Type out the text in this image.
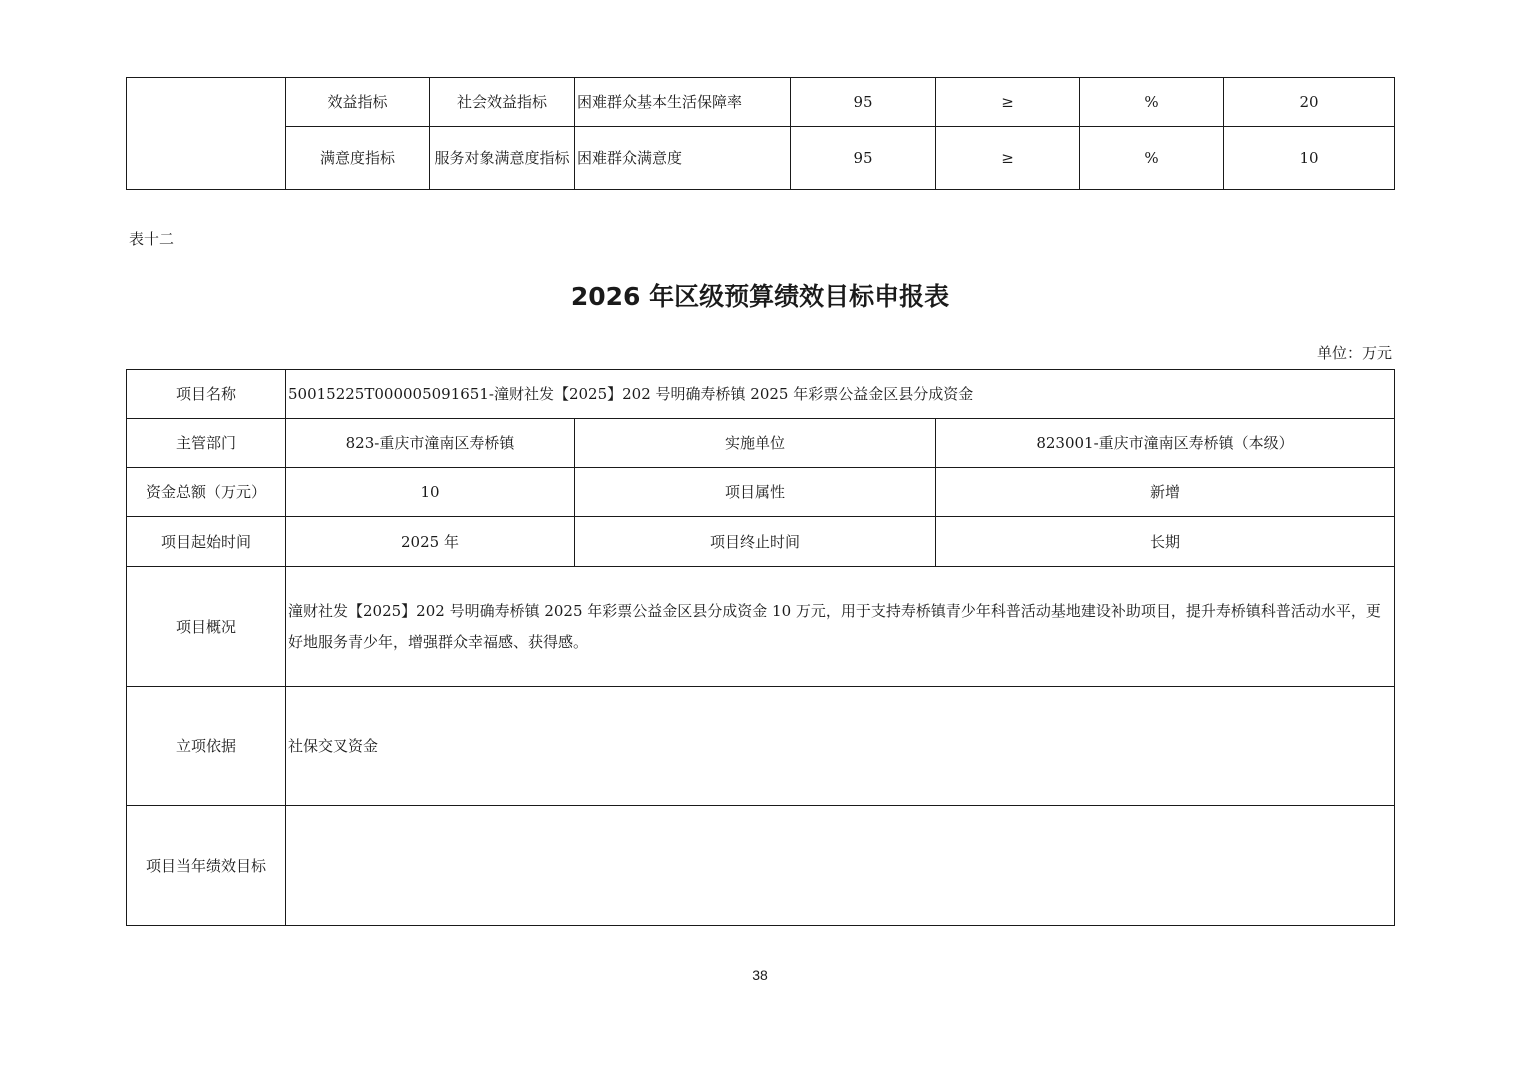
	效益指标	社会效益指标	困难群众基本生活保障率	95	≥	%	20
	满意度指标	服务对象满意度指标	困难群众满意度	95	≥	%	10
表十二
2026 年区级预算绩效目标申报表
单位：万元
项目名称	50015225T000005091651-潼财社发【2025】202 号明确寿桥镇 2025 年彩票公益金区县分成资金		
主管部门	823-重庆市潼南区寿桥镇	实施单位	823001-重庆市潼南区寿桥镇（本级）
资金总额（万元）	10	项目属性	新增
项目起始时间	2025 年	项目终止时间	长期
项目概况	潼财社发【2025】202 号明确寿桥镇 2025 年彩票公益金区县分成资金 10 万元，用于支持寿桥镇青少年科普活动基地建设补助项目，提升寿桥镇科普活动水平，更好地服务青少年，增强群众幸福感、获得感。		
立项依据	社保交叉资金		
项目当年绩效目标			
38
